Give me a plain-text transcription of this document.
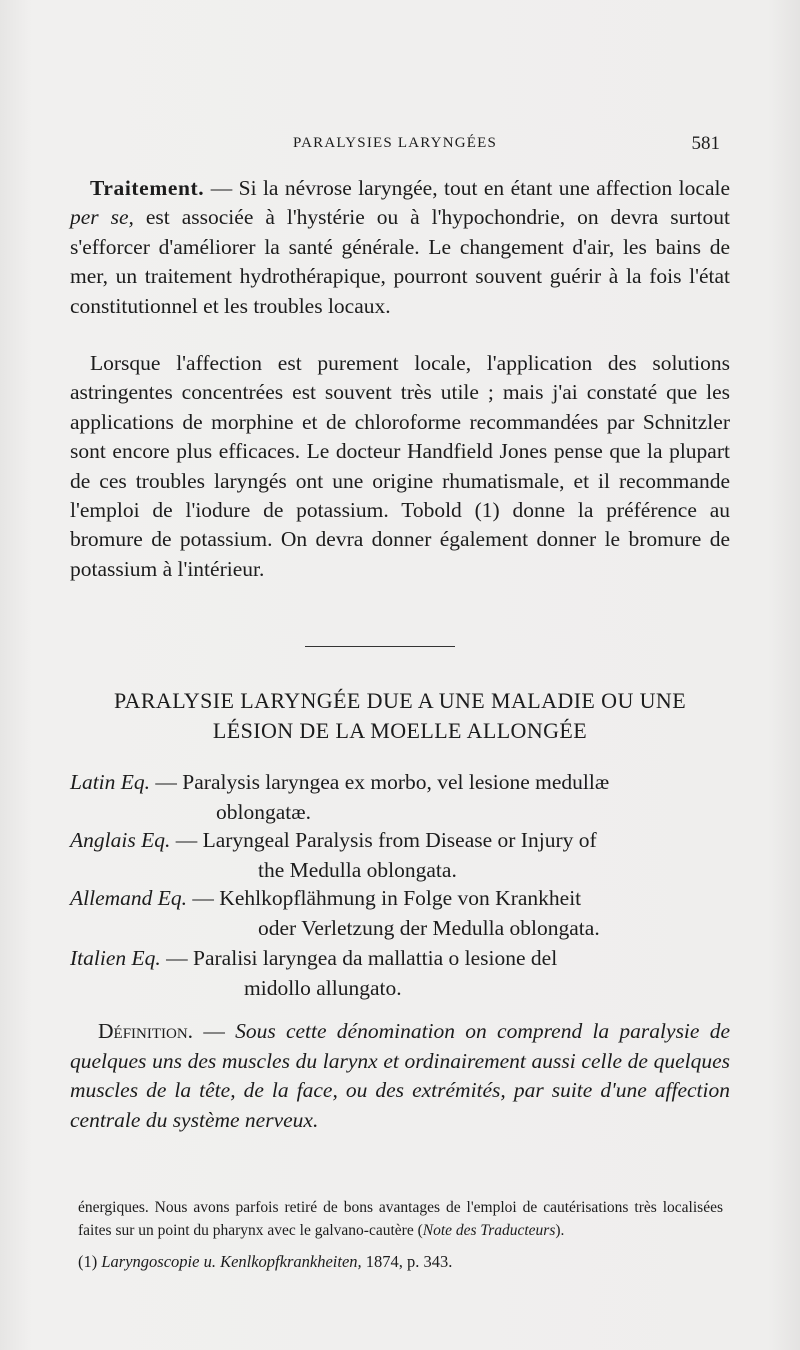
PARALYSIES LARYNGÉES	581

Traitement. — Si la névrose laryngée, tout en étant une affection locale per se, est associée à l'hystérie ou à l'hypochondrie, on devra surtout s'efforcer d'améliorer la santé générale. Le changement d'air, les bains de mer, un traitement hydrothérapique, pourront souvent guérir à la fois l'état constitutionnel et les troubles locaux.

Lorsque l'affection est purement locale, l'application des solutions astringentes concentrées est souvent très utile ; mais j'ai constaté que les applications de morphine et de chloroforme recommandées par Schnitzler sont encore plus efficaces. Le docteur Handfield Jones pense que la plupart de ces troubles laryngés ont une origine rhumatismale, et il recommande l'emploi de l'iodure de potassium. Tobold (1) donne la préférence au bromure de potassium. On devra donner également donner le bromure de potassium à l'intérieur.

PARALYSIE LARYNGÉE DUE A UNE MALADIE OU UNE
LÉSION DE LA MOELLE ALLONGÉE
Latin Eq. — Paralysis laryngea ex morbo, vel lesione medullæ
oblongatæ.
Anglais Eq. — Laryngeal Paralysis from Disease or Injury of
the Medulla oblongata.
Allemand Eq. — Kehlkopflähmung in Folge von Krankheit
oder Verletzung der Medulla oblongata.
Italien Eq. — Paralisi laryngea da mallattia o lesione del
midollo allungato.

Définition. — Sous cette dénomination on comprend la paralysie de quelques uns des muscles du larynx et ordinairement aussi celle de quelques muscles de la tête, de la face, ou des extrémités, par suite d'une affection centrale du système nerveux.

énergiques. Nous avons parfois retiré de bons avantages de l'emploi de cautérisations très localisées faites sur un point du pharynx avec le galvano-cautère (Note des Traducteurs).

(1) Laryngoscopie u. Kenlkopfkrankheiten, 1874, p. 343.
